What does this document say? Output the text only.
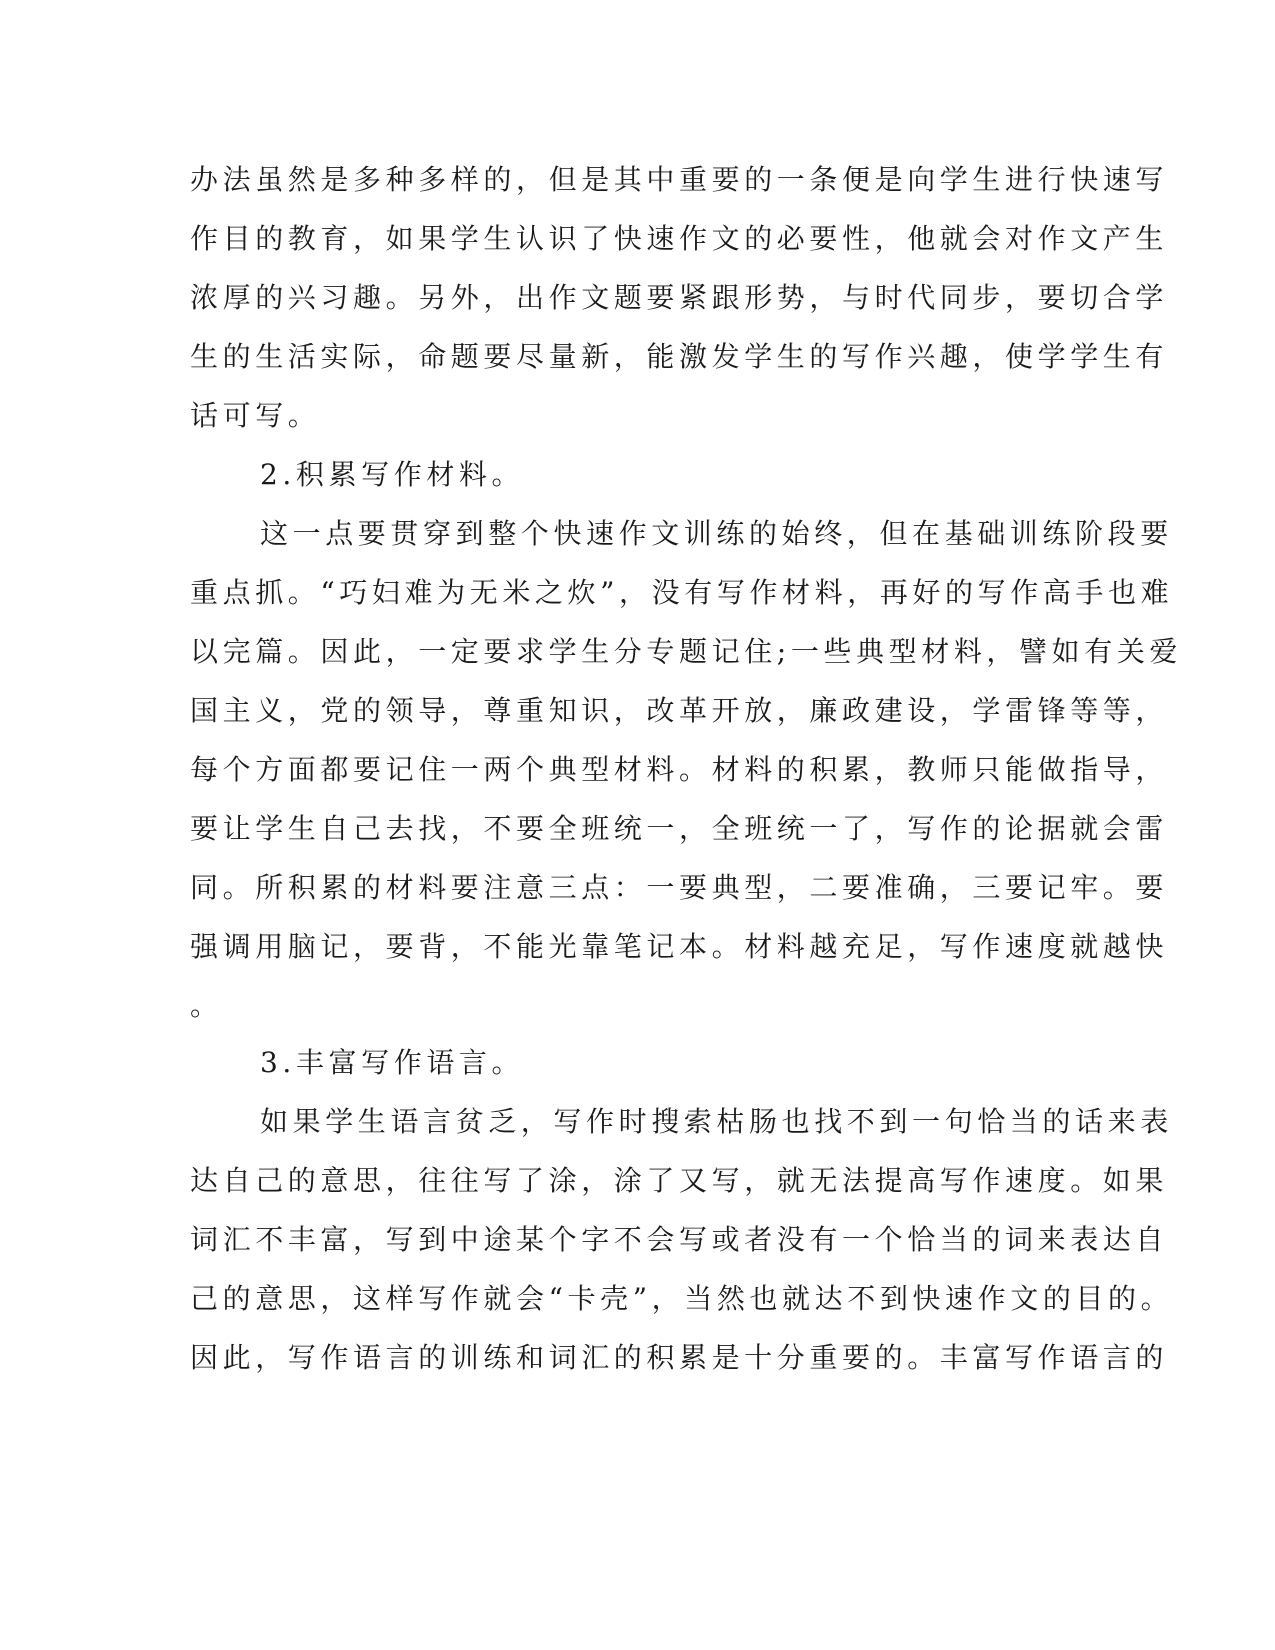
办法虽然是多种多样的，但是其中重要的一条便是向学生进行快速写
作目的教育，如果学生认识了快速作文的必要性，他就会对作文产生
浓厚的兴习趣。另外，出作文题要紧跟形势，与时代同步，要切合学
生的生活实际，命题要尽量新，能激发学生的写作兴趣，使学学生有
话可写。
2.积累写作材料。
这一点要贯穿到整个快速作文训练的始终，但在基础训练阶段要
重点抓。“巧妇难为无米之炊”，没有写作材料，再好的写作高手也难
以完篇。因此，一定要求学生分专题记住;一些典型材料，譬如有关爱
国主义，党的领导，尊重知识，改革开放，廉政建设，学雷锋等等，
每个方面都要记住一两个典型材料。材料的积累，教师只能做指导，
要让学生自己去找，不要全班统一，全班统一了，写作的论据就会雷
同。所积累的材料要注意三点：一要典型，二要准确，三要记牢。要
强调用脑记，要背，不能光靠笔记本。材料越充足，写作速度就越快
。
3.丰富写作语言。
如果学生语言贫乏，写作时搜索枯肠也找不到一句恰当的话来表
达自己的意思，往往写了涂，涂了又写，就无法提高写作速度。如果
词汇不丰富，写到中途某个字不会写或者没有一个恰当的词来表达自
己的意思，这样写作就会“卡壳”，当然也就达不到快速作文的目的。
因此，写作语言的训练和词汇的积累是十分重要的。丰富写作语言的
